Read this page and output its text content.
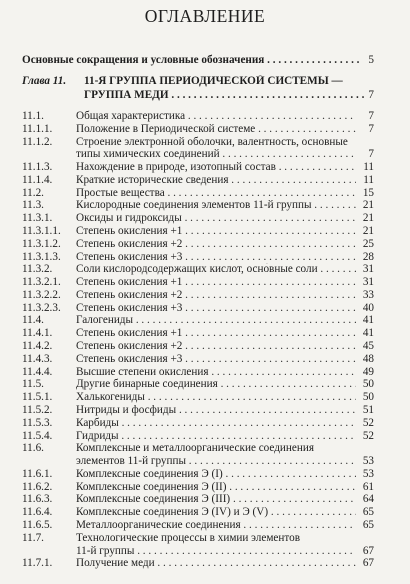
ОГЛАВЛЕНИЕ
Основные сокращения и условные обозначения . . .	5
Глава 11. 11-Я ГРУППА ПЕРИОДИЧЕСКОЙ СИСТЕМЫ —
ГРУППА МЕДИ . . .	7
11.1.	Общая характеристика . . .	7
11.1.1. Положение в Периодической системе . . .	7
11.1.2. Строение электронной оболочки, валентность, основные
типы химических соединений . . .	7
11.1.3. Нахождение в природе, изотопный состав . . .	11
11.1.4. Краткие исторические сведения . . .	11
11.2.	Простые вещества . . .	15
11.3.	Кислородные соединения элементов 11-й группы . . .	21
11.3.1. Оксиды и гидроксиды . . .	21
11.3.1.1. Степень окисления +1 . . .	21
11.3.1.2. Степень окисления +2 . . .	25
11.3.1.3. Степень окисления +3 . . .	28
11.3.2. Соли кислородсодержащих кислот, осно́вные соли . . .	31
11.3.2.1. Степень окисления +1 . . .	31
11.3.2.2. Степень окисления +2 . . .	33
11.3.2.3. Степень окисления +3 . . .	40
11.4.	Галогениды . . .	41
11.4.1. Степень окисления +1 . . .	41
11.4.2. Степень окисления +2 . . .	45
11.4.3. Степень окисления +3 . . .	48
11.4.4. Высшие степени окисления . . .	49
11.5.	Другие бинарные соединения . . .	50
11.5.1. Халькогениды . . .	50
11.5.2. Нитриды и фосфиды . . .	51
11.5.3. Карбиды . . .	52
11.5.4. Гидриды . . .	52
11.6.	Комплексные и металлоорганические соединения
элементов 11-й группы . . .	53
11.6.1. Комплексные соединения Э (I) . . .	53
11.6.2. Комплексные соединения Э (II) . . .	61
11.6.3. Комплексные соединения Э (III) . . .	64
11.6.4. Комплексные соединения Э (IV) и Э (V) . . .	65
11.6.5. Металлоорганические соединения . . .	65
11.7.	Технологические процессы в химии элементов
11-й группы . . .	67
11.7.1. Получение меди . . .	67
